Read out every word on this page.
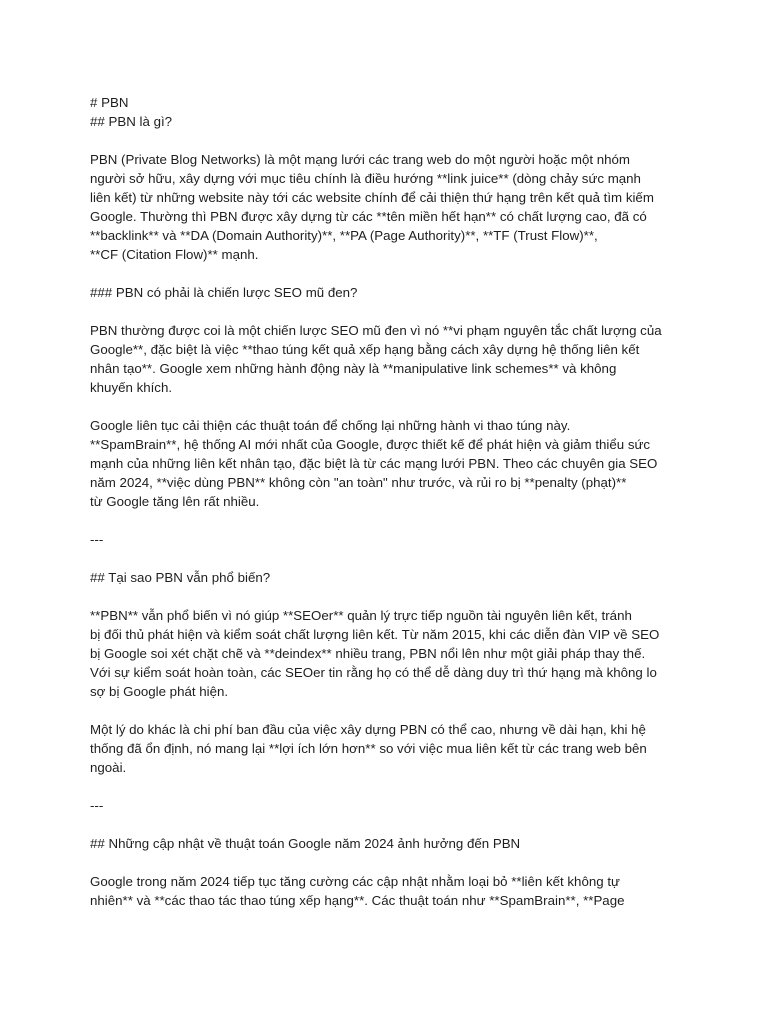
# PBN
## PBN là gì?
PBN (Private Blog Networks) là một mạng lưới các trang web do một người hoặc một nhóm
người sở hữu, xây dựng với mục tiêu chính là điều hướng **link juice** (dòng chảy sức mạnh
liên kết) từ những website này tới các website chính để cải thiện thứ hạng trên kết quả tìm kiếm
Google. Thường thì PBN được xây dựng từ các **tên miền hết hạn** có chất lượng cao, đã có
**backlink** và **DA (Domain Authority)**, **PA (Page Authority)**, **TF (Trust Flow)**,
**CF (Citation Flow)** mạnh.
### PBN có phải là chiến lược SEO mũ đen?
PBN thường được coi là một chiến lược SEO mũ đen vì nó **vi phạm nguyên tắc chất lượng của
Google**, đặc biệt là việc **thao túng kết quả xếp hạng bằng cách xây dựng hệ thống liên kết
nhân tạo**. Google xem những hành động này là **manipulative link schemes** và không
khuyến khích.
Google liên tục cải thiện các thuật toán để chống lại những hành vi thao túng này.
**SpamBrain**, hệ thống AI mới nhất của Google, được thiết kế để phát hiện và giảm thiểu sức
mạnh của những liên kết nhân tạo, đặc biệt là từ các mạng lưới PBN. Theo các chuyên gia SEO
năm 2024, **việc dùng PBN** không còn "an toàn" như trước, và rủi ro bị **penalty (phạt)**
từ Google tăng lên rất nhiều.
---
## Tại sao PBN vẫn phổ biến?
**PBN** vẫn phổ biến vì nó giúp **SEOer** quản lý trực tiếp nguồn tài nguyên liên kết, tránh
bị đối thủ phát hiện và kiểm soát chất lượng liên kết. Từ năm 2015, khi các diễn đàn VIP về SEO
bị Google soi xét chặt chẽ và **deindex** nhiều trang, PBN nổi lên như một giải pháp thay thế.
Với sự kiểm soát hoàn toàn, các SEOer tin rằng họ có thể dễ dàng duy trì thứ hạng mà không lo
sợ bị Google phát hiện.
Một lý do khác là chi phí ban đầu của việc xây dựng PBN có thể cao, nhưng về dài hạn, khi hệ
thống đã ổn định, nó mang lại **lợi ích lớn hơn** so với việc mua liên kết từ các trang web bên
ngoài.
---
## Những cập nhật về thuật toán Google năm 2024 ảnh hưởng đến PBN
Google trong năm 2024 tiếp tục tăng cường các cập nhật nhằm loại bỏ **liên kết không tự
nhiên** và **các thao tác thao túng xếp hạng**. Các thuật toán như **SpamBrain**, **Page
